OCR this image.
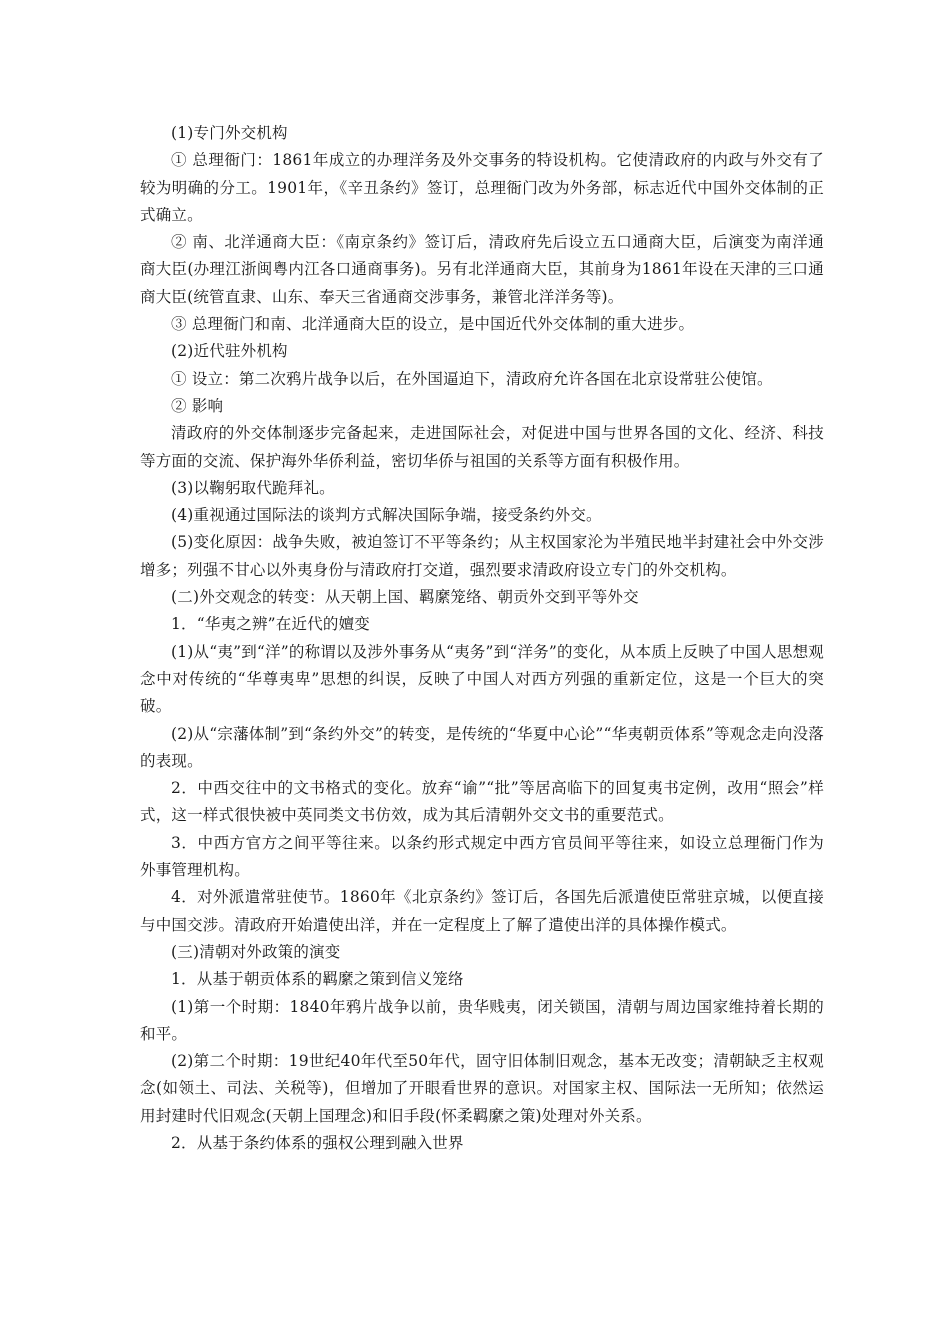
(1)专门外交机构

① 总理衙门：1861年成立的办理洋务及外交事务的特设机构。它使清政府的内政与外交有了较为明确的分工。1901年，《辛丑条约》签订，总理衙门改为外务部，标志近代中国外交体制的正式确立。

② 南、北洋通商大臣：《南京条约》签订后，清政府先后设立五口通商大臣，后演变为南洋通商大臣(办理江浙闽粤内江各口通商事务)。另有北洋通商大臣，其前身为1861年设在天津的三口通商大臣(统管直隶、山东、奉天三省通商交涉事务，兼管北洋洋务等)。

③ 总理衙门和南、北洋通商大臣的设立，是中国近代外交体制的重大进步。

(2)近代驻外机构

① 设立：第二次鸦片战争以后，在外国逼迫下，清政府允许各国在北京设常驻公使馆。

② 影响

清政府的外交体制逐步完备起来，走进国际社会，对促进中国与世界各国的文化、经济、科技等方面的交流、保护海外华侨利益，密切华侨与祖国的关系等方面有积极作用。

(3)以鞠躬取代跪拜礼。

(4)重视通过国际法的谈判方式解决国际争端，接受条约外交。

(5)变化原因：战争失败，被迫签订不平等条约；从主权国家沦为半殖民地半封建社会中外交涉增多；列强不甘心以外夷身份与清政府打交道，强烈要求清政府设立专门的外交机构。

(二)外交观念的转变：从天朝上国、羁縻笼络、朝贡外交到平等外交

1．“华夷之辨”在近代的嬗变

(1)从“夷”到“洋”的称谓以及涉外事务从“夷务”到“洋务”的变化，从本质上反映了中国人思想观念中对传统的“华尊夷卑”思想的纠误，反映了中国人对西方列强的重新定位，这是一个巨大的突破。

(2)从“宗藩体制”到“条约外交”的转变，是传统的“华夏中心论”“华夷朝贡体系”等观念走向没落的表现。

2．中西交往中的文书格式的变化。放弃“谕”“批”等居高临下的回复夷书定例，改用“照会”样式，这一样式很快被中英同类文书仿效，成为其后清朝外交文书的重要范式。

3．中西方官方之间平等往来。以条约形式规定中西方官员间平等往来，如设立总理衙门作为外事管理机构。

4．对外派遣常驻使节。1860年《北京条约》签订后，各国先后派遣使臣常驻京城，以便直接与中国交涉。清政府开始遣使出洋，并在一定程度上了解了遣使出洋的具体操作模式。

(三)清朝对外政策的演变

1．从基于朝贡体系的羁縻之策到信义笼络

(1)第一个时期：1840年鸦片战争以前，贵华贱夷，闭关锁国，清朝与周边国家维持着长期的和平。

(2)第二个时期：19世纪40年代至50年代，固守旧体制旧观念，基本无改变；清朝缺乏主权观念(如领土、司法、关税等)，但增加了开眼看世界的意识。对国家主权、国际法一无所知；依然运用封建时代旧观念(天朝上国理念)和旧手段(怀柔羁縻之策)处理对外关系。

2．从基于条约体系的强权公理到融入世界
